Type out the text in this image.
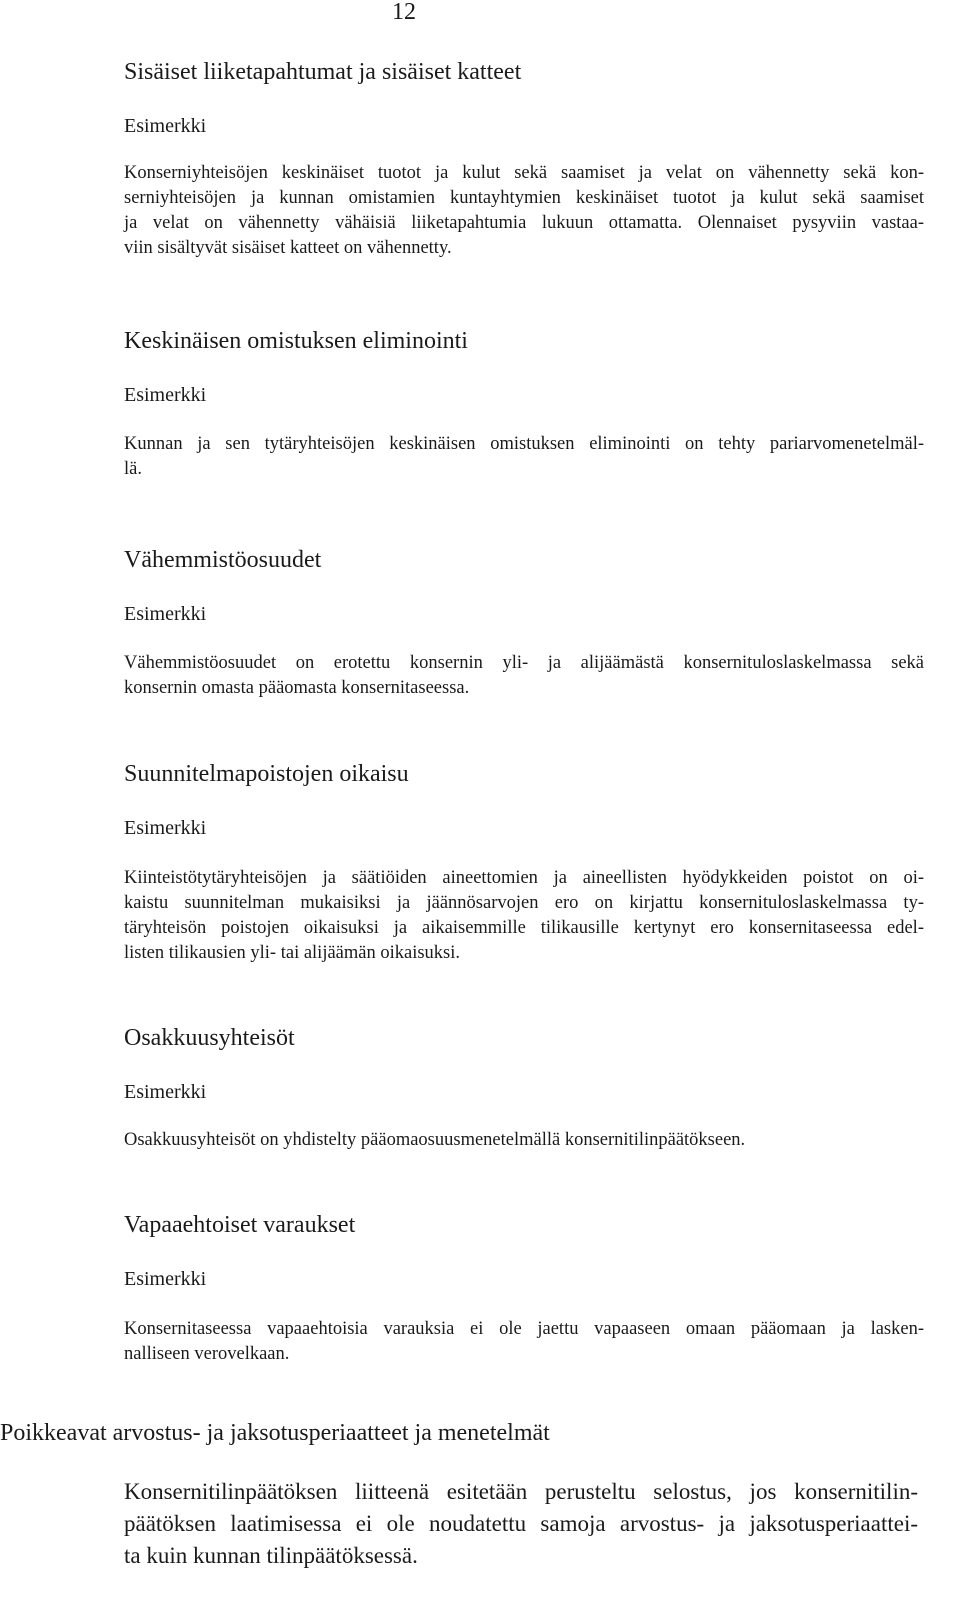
12
Sisäiset liiketapahtumat ja sisäiset katteet
Esimerkki
Konserniyhteisöjen keskinäiset tuotot ja kulut sekä saamiset ja velat on vähennetty sekä kon-
serniyhteisöjen ja kunnan omistamien kuntayhtymien keskinäiset tuotot ja kulut sekä saamiset
ja velat on vähennetty vähäisiä liiketapahtumia lukuun ottamatta. Olennaiset pysyviin vastaa-
viin sisältyvät sisäiset katteet on vähennetty.
Keskinäisen omistuksen eliminointi
Esimerkki
Kunnan ja sen tytäryhteisöjen keskinäisen omistuksen eliminointi on tehty pariarvomenetelmäl-
lä.
Vähemmistöosuudet
Esimerkki
Vähemmistöosuudet on erotettu konsernin yli- ja alijäämästä konsernituloslaskelmassa sekä
konsernin omasta pääomasta konsernitaseessa.
Suunnitelmapoistojen oikaisu
Esimerkki
Kiinteistötytäryhteisöjen ja säätiöiden aineettomien ja aineellisten hyödykkeiden poistot on oi-
kaistu suunnitelman mukaisiksi ja jäännösarvojen ero on kirjattu konsernituloslaskelmassa ty-
täryhteisön poistojen oikaisuksi ja aikaisemmille tilikausille kertynyt ero konsernitaseessa edel-
listen tilikausien yli- tai alijäämän oikaisuksi.
Osakkuusyhteisöt
Esimerkki
Osakkuusyhteisöt on yhdistelty pääomaosuusmenetelmällä konsernitilinpäätökseen.
Vapaaehtoiset varaukset
Esimerkki
Konsernitaseessa vapaaehtoisia varauksia ei ole jaettu vapaaseen omaan pääomaan ja lasken-
nalliseen verovelkaan.
Poikkeavat arvostus- ja jaksotusperiaatteet ja menetelmät
Konsernitilinpäätöksen liitteenä esitetään perusteltu selostus, jos konsernitilin-
päätöksen laatimisessa ei ole noudatettu samoja arvostus- ja jaksotusperiaattei-
ta kuin kunnan tilinpäätöksessä.
